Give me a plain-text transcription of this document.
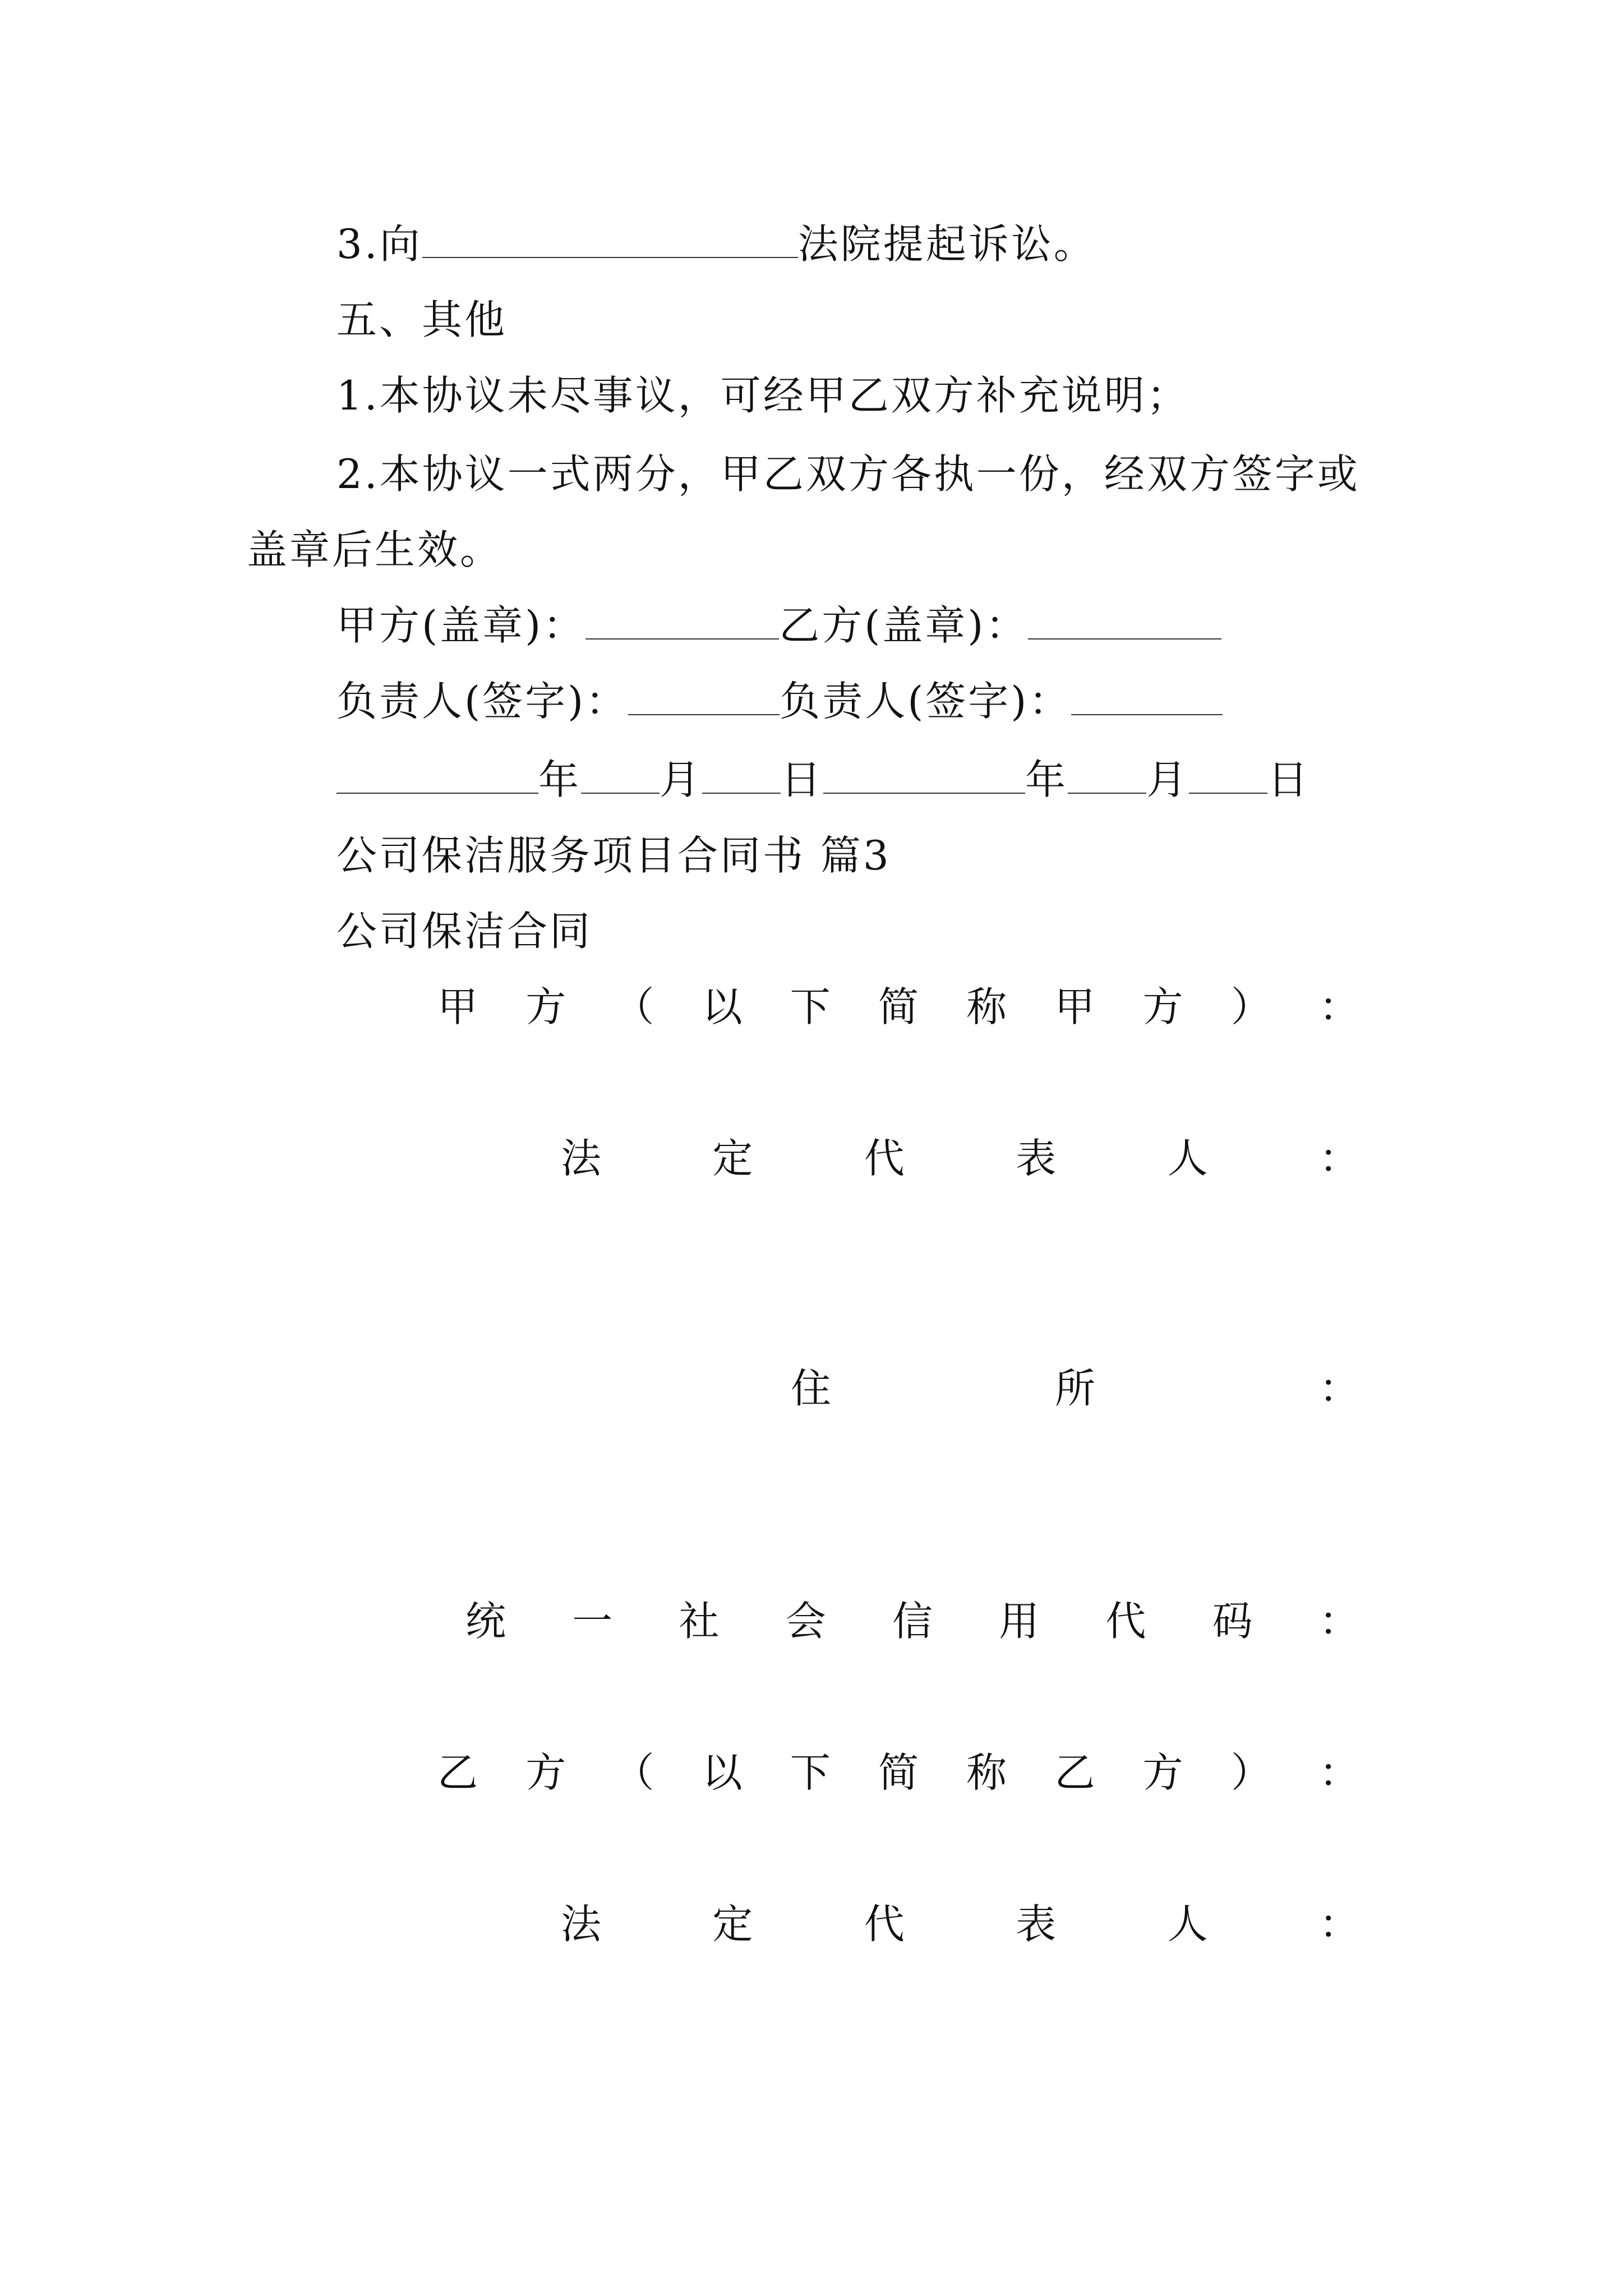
3.向	法院提起诉讼。
五、其他
1.本协议未尽事议，可经甲乙双方补充说明；
2.本协议一式两分，甲乙双方各执一份，经双方签字或
盖章后生效。
甲方(盖章)：	乙方(盖章)：
负责人(签字)：	负责人(签字)：
年 月 日	年 月 日
公司保洁服务项目合同书 篇3
公司保洁合同
甲 方 （ 以 下 简 称 甲 方 ） ：
法	定	代	表	人	：
住	所	：
统 一 社 会 信 用 代 码 ：
乙 方 （ 以 下 简 称 乙 方 ） ：
法	定	代	表	人	：
